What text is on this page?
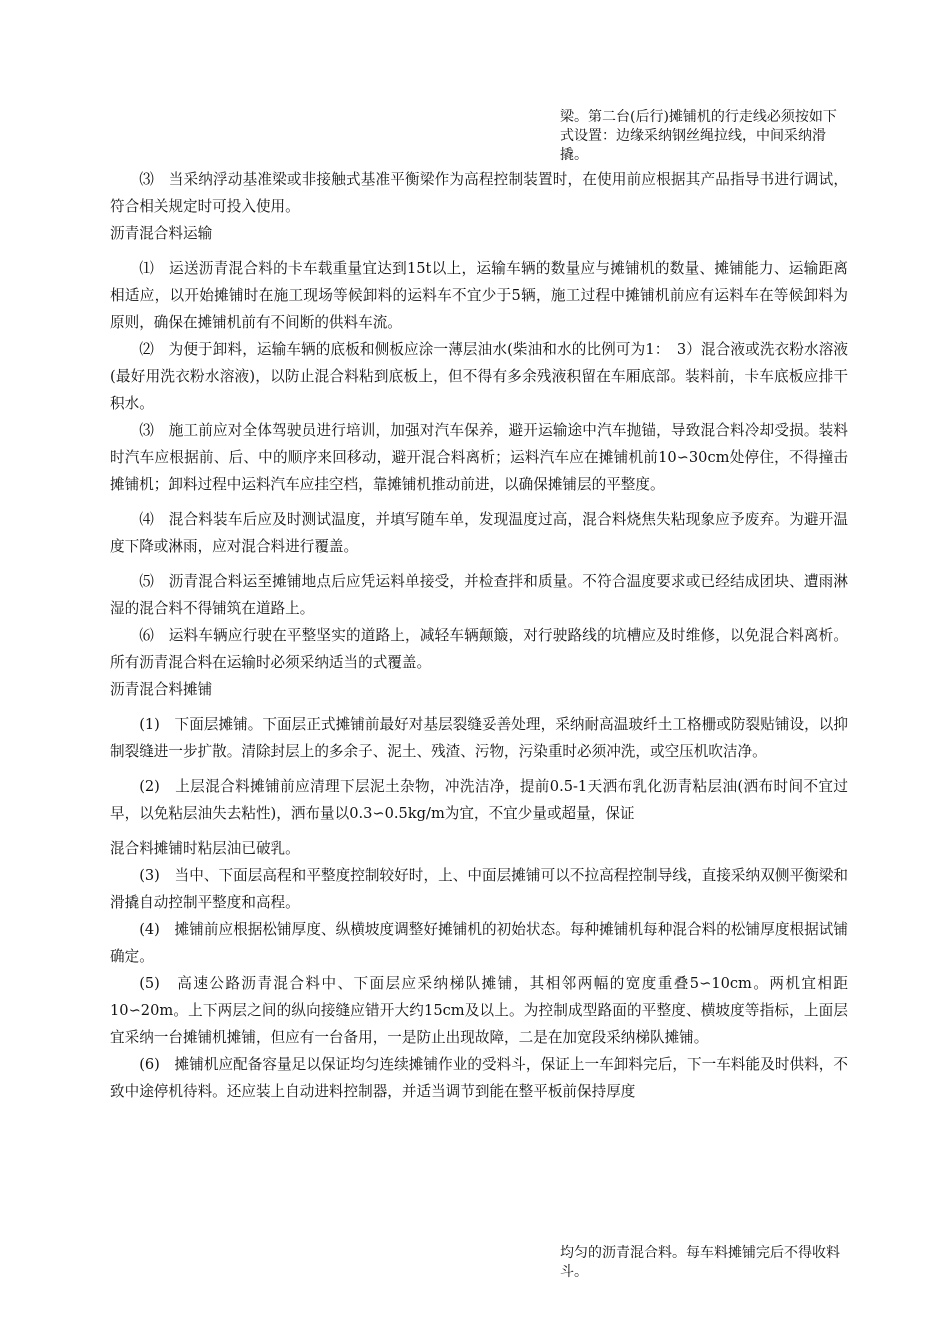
梁。第二台(后行)摊铺机的行走线必须按如下式设置：边缘采纳钢丝绳拉线，中间采纳滑撬。

⑶　当采纳浮动基准梁或非接触式基准平衡梁作为高程控制装置时，在使用前应根据其产品指导书进行调试，符合相关规定时可投入使用。

沥青混合料运输

⑴　运送沥青混合料的卡车载重量宜达到15t以上，运输车辆的数量应与摊铺机的数量、摊铺能力、运输距离相适应，以开始摊铺时在施工现场等候卸料的运料车不宜少于5辆，施工过程中摊铺机前应有运料车在等候卸料为原则，确保在摊铺机前有不间断的供料车流。

⑵　为便于卸料，运输车辆的底板和侧板应涂一薄层油水(柴油和水的比例可为1：　3）混合液或洗衣粉水溶液(最好用洗衣粉水溶液)，以防止混合料粘到底板上，但不得有多余残液积留在车厢底部。装料前，卡车底板应排干积水。

⑶　施工前应对全体驾驶员进行培训，加强对汽车保养，避开运输途中汽车抛锚，导致混合料冷却受损。装料时汽车应根据前、后、中的顺序来回移动，避开混合料离析；运料汽车应在摊铺机前10∽30cm处停住，不得撞击摊铺机；卸料过程中运料汽车应挂空档，靠摊铺机推动前进，以确保摊铺层的平整度。

⑷　混合料装车后应及时测试温度，并填写随车单，发现温度过高，混合料烧焦失粘现象应予废弃。为避开温度下降或淋雨，应对混合料进行覆盖。

⑸　沥青混合料运至摊铺地点后应凭运料单接受，并检查拌和质量。不符合温度要求或已经结成团块、遭雨淋湿的混合料不得铺筑在道路上。

⑹　运料车辆应行驶在平整坚实的道路上，减轻车辆颠簸，对行驶路线的坑槽应及时维修，以免混合料离析。所有沥青混合料在运输时必须采纳适当的式覆盖。

沥青混合料摊铺

(1)　下面层摊铺。下面层正式摊铺前最好对基层裂缝妥善处理，采纳耐高温玻纤土工格栅或防裂贴铺设，以抑制裂缝进一步扩散。清除封层上的多余子、泥土、残渣、污物，污染重时必须冲洗，或空压机吹洁净。

(2)　上层混合料摊铺前应清理下层泥土杂物，冲洗洁净，提前0.5-1天洒布乳化沥青粘层油(洒布时间不宜过早，以免粘层油失去粘性)，洒布量以0.3∽0.5kg/m为宜，不宜少量或超量，保证

混合料摊铺时粘层油已破乳。

(3)　当中、下面层高程和平整度控制较好时，上、中面层摊铺可以不拉高程控制导线，直接采纳双侧平衡梁和滑撬自动控制平整度和高程。

(4)　摊铺前应根据松铺厚度、纵横坡度调整好摊铺机的初始状态。每种摊铺机每种混合料的松铺厚度根据试铺确定。

(5)　高速公路沥青混合料中、下面层应采纳梯队摊铺，其相邻两幅的宽度重叠5∽10cm。两机宜相距10∽20m。上下两层之间的纵向接缝应错开大约15cm及以上。为控制成型路面的平整度、横坡度等指标，上面层宜采纳一台摊铺机摊铺，但应有一台备用，一是防止出现故障，二是在加宽段采纳梯队摊铺。

(6)　摊铺机应配备容量足以保证均匀连续摊铺作业的受料斗，保证上一车卸料完后，下一车料能及时供料，不致中途停机待料。还应装上自动进料控制器，并适当调节到能在整平板前保持厚度

均匀的沥青混合料。每车料摊铺完后不得收料斗。
